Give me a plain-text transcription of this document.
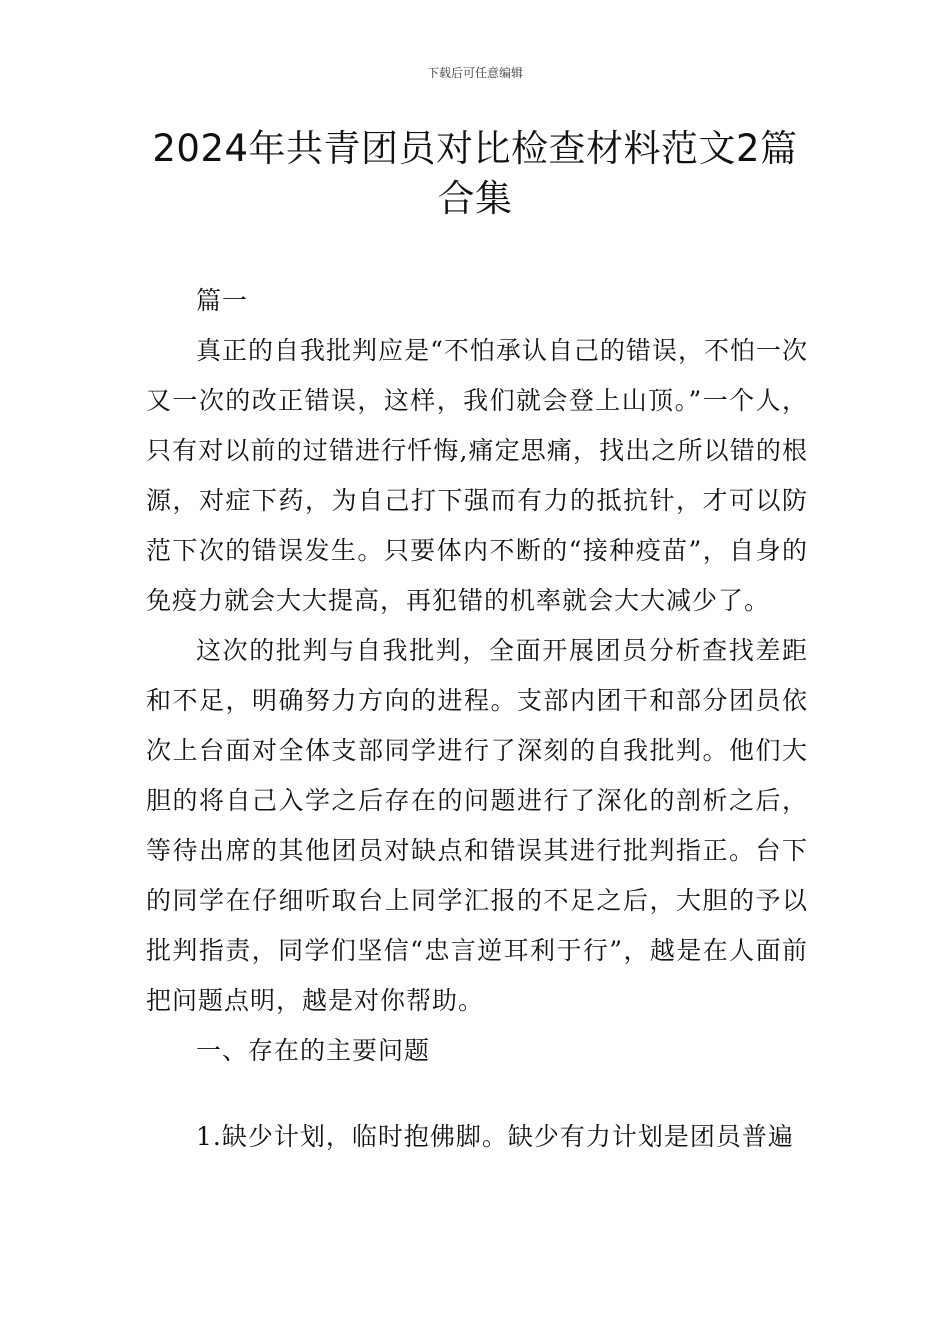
下载后可任意编辑
2024年共青团员对比检查材料范文2篇合集

篇一

真正的自我批判应是“不怕承认自己的错误，不怕一次又一次的改正错误，这样，我们就会登上山顶。”一个人，只有对以前的过错进行忏悔,痛定思痛，找出之所以错的根源，对症下药，为自己打下强而有力的抵抗针，才可以防范下次的错误发生。只要体内不断的“接种疫苗”，自身的免疫力就会大大提高，再犯错的机率就会大大减少了。

这次的批判与自我批判，全面开展团员分析查找差距和不足，明确努力方向的进程。支部内团干和部分团员依次上台面对全体支部同学进行了深刻的自我批判。他们大胆的将自己入学之后存在的问题进行了深化的剖析之后，等待出席的其他团员对缺点和错误其进行批判指正。台下的同学在仔细听取台上同学汇报的不足之后，大胆的予以批判指责，同学们坚信“忠言逆耳利于行”，越是在人面前把问题点明，越是对你帮助。

一、存在的主要问题

1.缺少计划，临时抱佛脚。缺少有力计划是团员普遍
